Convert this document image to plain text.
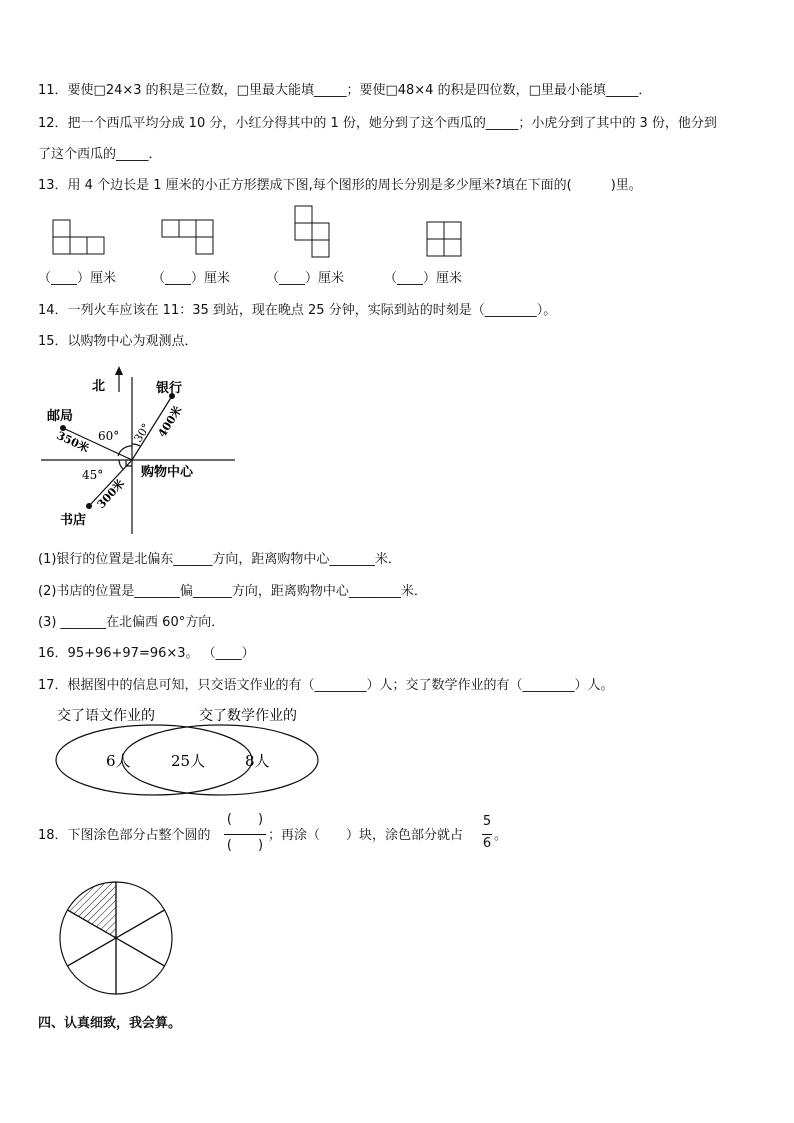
11．要使□24×3 的积是三位数，□里最大能填_____；要使□48×4 的积是四位数，□里最小能填_____．
12．把一个西瓜平均分成 10 分，小红分得其中的 1 份，她分到了这个西瓜的_____；小虎分到了其中的 3 份，他分到
了这个西瓜的_____．
13．用 4 个边长是 1 厘米的小正方形摆成下图,每个图形的周长分别是多少厘米?填在下面的(　　　)里。
（____）厘米	（____）厘米	（____）厘米	（____）厘米
14．一列火车应该在 11：35 到站，现在晚点 25 分钟，实际到站的时刻是（________）。
15．以购物中心为观测点．
北	银行
邮局
书店
购物中心
30°
60°
45°
400米
350米
300米
(1)银行的位置是北偏东______方向，距离购物中心_______米．
(2)书店的位置是_______偏______方向，距离购物中心________米．
(3) _______在北偏西 60°方向．
16．95+96+97=96×3。 （____）
17．根据图中的信息可知，只交语文作业的有（________）人；交了数学作业的有（________）人。
交了语文作业的	交了数学作业的
6人	25人	8人
18．下图涂色部分占整个圆的
(　　)
(　　)
；再涂（　　）块，涂色部分就占
5
6
。
四、认真细致，我会算。
